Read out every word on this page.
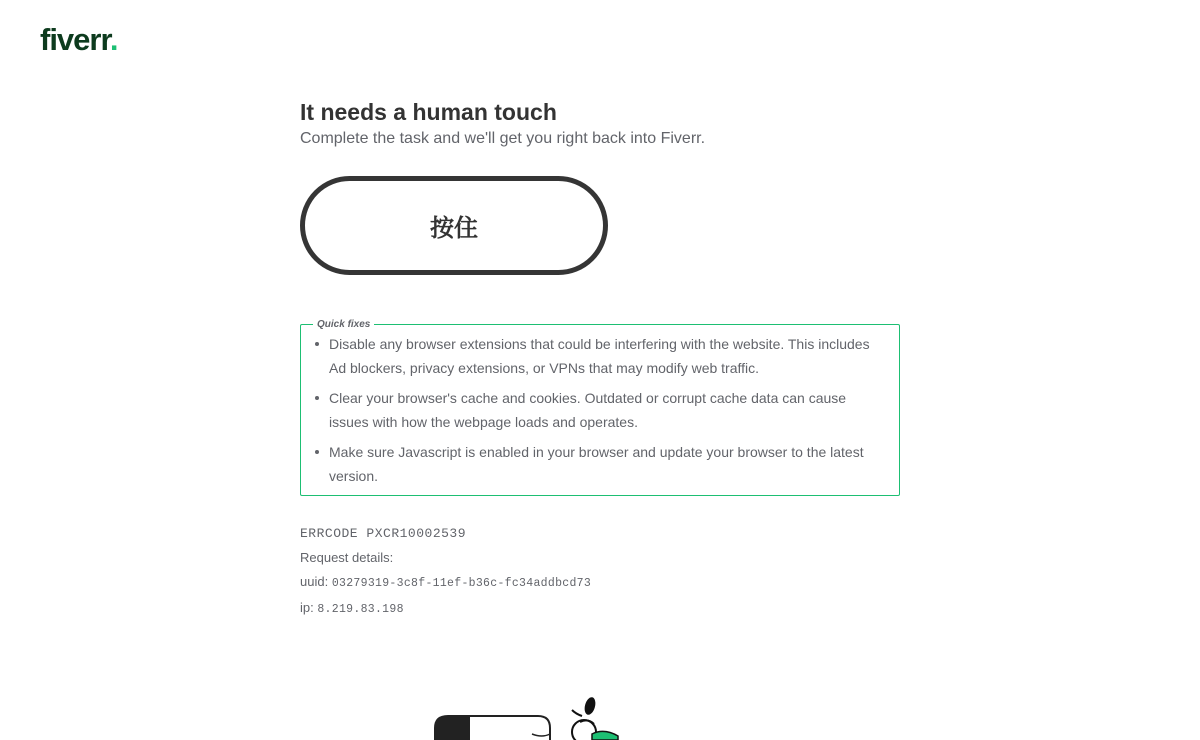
fiverr.
It needs a human touch

Complete the task and we'll get you right back into Fiverr.

按住
Quick fixes
Disable any browser extensions that could be interfering with the website. This includes Ad blockers, privacy extensions, or VPNs that may modify web traffic.
Clear your browser's cache and cookies. Outdated or corrupt cache data can cause issues with how the webpage loads and operates.
Make sure Javascript is enabled in your browser and update your browser to the latest version.
ERRCODE PXCR10002539
Request details:
uuid: 03279319-3c8f-11ef-b36c-fc34addbcd73
ip: 8.219.83.198
